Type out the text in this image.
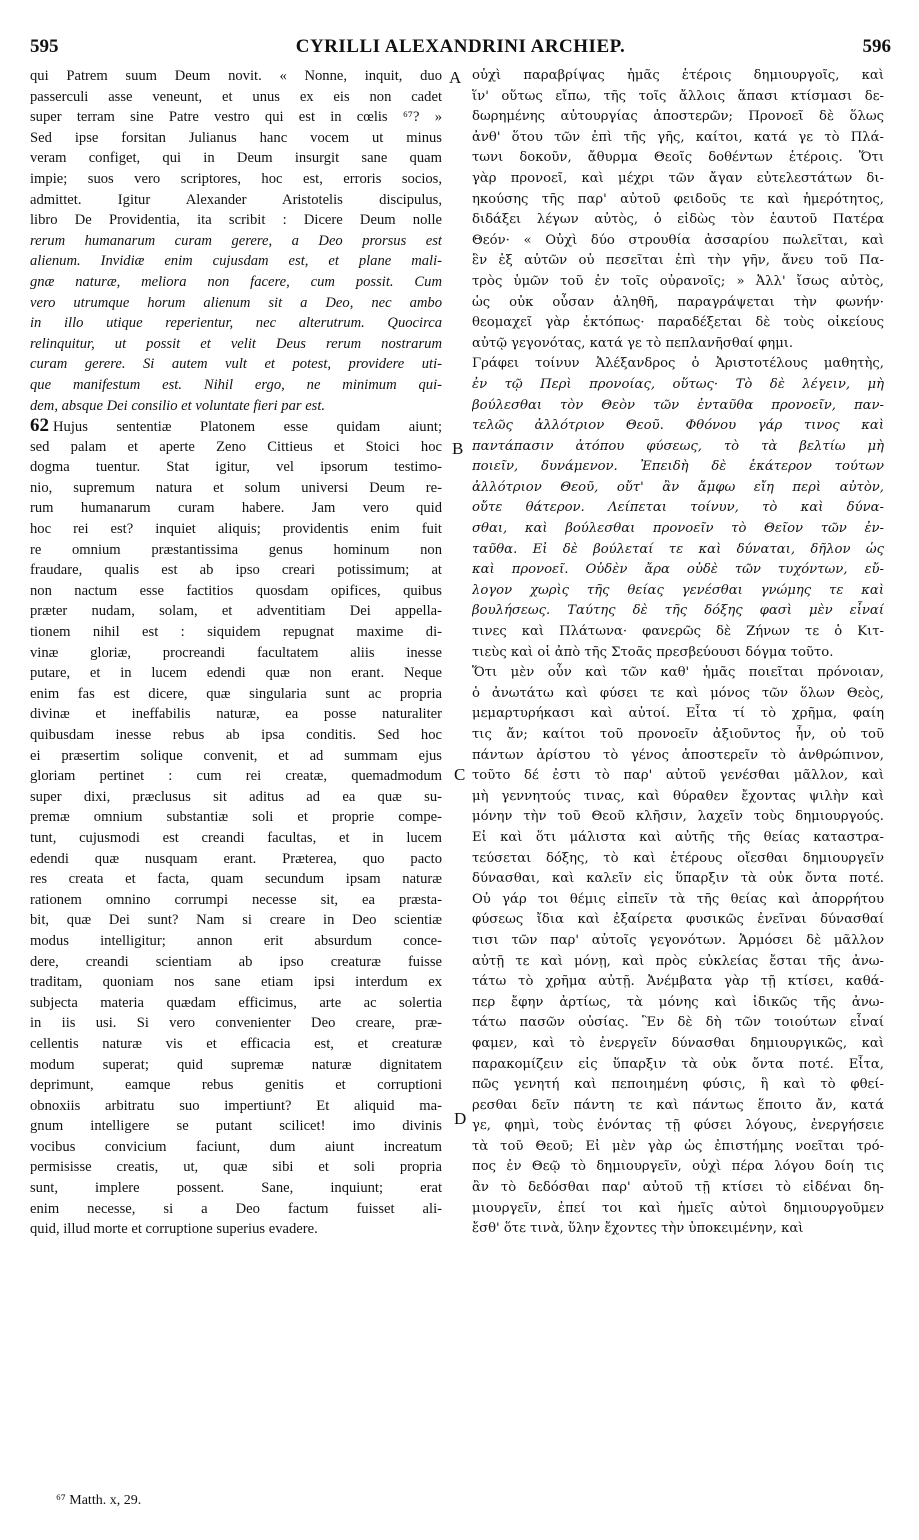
595	CYRILLI ALEXANDRINI ARCHIEP.	596
qui Patrem suum Deum novit. « Nonne, inquit, duo
passerculi asse veneunt, et unus ex eis non cadet
super terram sine Patre vestro qui est in cœlis ⁶⁷? »
Sed ipse forsitan Julianus hanc vocem ut minus
veram configet, qui in Deum insurgit sane quam
impie; suos vero scriptores, hoc est, erroris socios,
admittet. Igitur Alexander Aristotelis discipulus,
libro De Providentia, ita scribit : Dicere Deum nolle
rerum humanarum curam gerere, a Deo prorsus est
alienum. Invidiæ enim cujusdam est, et plane mali-
gnæ naturæ, meliora non facere, cum possit. Cum
vero utrumque horum alienum sit a Deo, nec ambo
in illo utique reperientur, nec alterutrum. Quocirca
relinquitur, ut possit et velit Deus rerum nostrarum
curam gerere. Si autem vult et potest, providere uti-
que manifestum est. Nihil ergo, ne minimum qui-
dem, absque Dei consilio et voluntate fieri par est.
62 Hujus sententiæ Platonem esse quidam aiunt;
sed palam et aperte Zeno Cittieus et Stoici hoc
dogma tuentur. Stat igitur, vel ipsorum testimo-
nio, supremum natura et solum universi Deum re-
rum humanarum curam habere. Jam vero quid
hoc rei est? inquiet aliquis; providentis enim fuit
re omnium præstantissima genus hominum non
fraudare, qualis est ab ipso creari potissimum; at
non nactum esse factitios quosdam opifices, quibus
præter nudam, solam, et adventitiam Dei appella-
tionem nihil est : siquidem repugnat maxime di-
vinæ gloriæ, procreandi facultatem aliis inesse
putare, et in lucem edendi quæ non erant. Neque
enim fas est dicere, quæ singularia sunt ac propria
divinæ et ineffabilis naturæ, ea posse naturaliter
quibusdam inesse rebus ab ipsa conditis. Sed hoc
ei præsertim solique convenit, et ad summam ejus
gloriam pertinet : cum rei creatæ, quemadmodum
super dixi, præclusus sit aditus ad ea quæ su-
premæ omnium substantiæ soli et proprie compe-
tunt, cujusmodi est creandi facultas, et in lucem
edendi quæ nusquam erant. Præterea, quo pacto
res creata et facta, quam secundum ipsam naturæ
rationem omnino corrumpi necesse sit, ea præsta-
bit, quæ Dei sunt? Nam si creare in Deo scientiæ
modus intelligitur; annon erit absurdum conce-
dere, creandi scientiam ab ipso creaturæ fuisse
traditam, quoniam nos sane etiam ipsi interdum ex
subjecta materia quædam efficimus, arte ac solertia
in iis usi. Si vero convenienter Deo creare, præ-
cellentis naturæ vis et efficacia est, et creaturæ
modum superat; quid supremæ naturæ dignitatem
deprimunt, eamque rebus genitis et corruptioni
obnoxiis arbitratu suo impertiunt? Et aliquid ma-
gnum intelligere se putant scilicet! imo divinis
vocibus convicium faciunt, dum aiunt increatum
permisisse creatis, ut, quæ sibi et soli propria
sunt, implere possent. Sane, inquiunt; erat
enim necesse, si a Deo factum fuisset ali-
quid, illud morte et corruptione superius evadere.
οὐχὶ παραβρίψας ἡμᾶς ἑτέροις δημιουργοῖς, καὶ
ἵν' οὕτως εἴπω, τῆς τοῖς ἄλλοις ἅπασι κτίσμασι δε-
δωρημένης αὐτουργίας ἀποστερῶν; Προνοεῖ δὲ ὅλως
ἀνθ' ὅτου τῶν ἐπὶ τῆς γῆς, καίτοι, κατά γε τὸ Πλά-
τωνι δοκοῦν, ἄθυρμα Θεοῖς δοθέντων ἑτέροις. Ὅτι
γὰρ προνοεῖ, καὶ μέχρι τῶν ἄγαν εὐτελεστάτων δι-
ηκούσης τῆς παρ' αὐτοῦ φειδοῦς τε καὶ ἡμερότητος,
διδάξει λέγων αὐτὸς, ὁ εἰδὼς τὸν ἑαυτοῦ Πατέρα
Θεόν· « Οὐχὶ δύο στρουθία ἀσσαρίου πωλεῖται, καὶ
ἓν ἐξ αὐτῶν οὐ πεσεῖται ἐπὶ τὴν γῆν, ἄνευ τοῦ Πα-
τρὸς ὑμῶν τοῦ ἐν τοῖς οὐρανοῖς; » Ἀλλ' ἴσως αὐτὸς,
ὡς οὐκ οὖσαν ἀληθῆ, παραγράψεται τὴν φωνήν·
θεομαχεῖ γὰρ ἐκτόπως· παραδέξεται δὲ τοὺς οἰκείους
αὐτῷ γεγονότας, κατά γε τὸ πεπλανῆσθαί φημι.
Γράφει τοίνυν Ἀλέξανδρος ὁ Ἀριστοτέλους μαθητὴς,
ἐν τῷ Περὶ προνοίας, οὕτως· Τὸ δὲ λέγειν, μὴ
βούλεσθαι τὸν Θεὸν τῶν ἐνταῦθα προνοεῖν, παν-
τελῶς ἀλλότριον Θεοῦ. Φθόνου γάρ τινος καὶ
παντάπασιν ἀτόπου φύσεως, τὸ τὰ βελτίω μὴ
ποιεῖν, δυνάμενον. Ἐπειδὴ δὲ ἑκάτερον τούτων
ἀλλότριον Θεοῦ, οὔτ' ἂν ἄμφω εἴη περὶ αὐτὸν,
οὔτε θάτερον. Λείπεται τοίνυν, τὸ καὶ δύνα-
σθαι, καὶ βούλεσθαι προνοεῖν τὸ Θεῖον τῶν ἐν-
ταῦθα. Εἰ δὲ βούλεταί τε καὶ δύναται, δῆλον ὡς
καὶ προνοεῖ. Οὐδὲν ἄρα οὐδὲ τῶν τυχόντων, εὔ-
λογον χωρὶς τῆς θείας γενέσθαι γνώμης τε καὶ
βουλήσεως. Ταύτης δὲ τῆς δόξης φασὶ μὲν εἶναί
τινες καὶ Πλάτωνα· φανερῶς δὲ Ζήνων τε ὁ Κιτ-
τιεὺς καὶ οἱ ἀπὸ τῆς Στοᾶς πρεσβεύουσι δόγμα τοῦτο.
Ὅτι μὲν οὖν καὶ τῶν καθ' ἡμᾶς ποιεῖται πρόνοιαν,
ὁ ἀνωτάτω καὶ φύσει τε καὶ μόνος τῶν ὅλων Θεὸς,
μεμαρτυρήκασι καὶ αὐτοί. Εἶτα τί τὸ χρῆμα, φαίη
τις ἄν; καίτοι τοῦ προνοεῖν ἀξιοῦντος ἦν, οὐ τοῦ
πάντων ἀρίστου τὸ γένος ἀποστερεῖν τὸ ἀνθρώπινον,
τοῦτο δέ ἐστι τὸ παρ' αὐτοῦ γενέσθαι μᾶλλον, καὶ
μὴ γεννητούς τινας, καὶ θύραθεν ἔχοντας ψιλὴν καὶ
μόνην τὴν τοῦ Θεοῦ κλῆσιν, λαχεῖν τοὺς δημιουργούς.
Εἰ καὶ ὅτι μάλιστα καὶ αὐτῆς τῆς θείας καταστρα-
τεύσεται δόξης, τὸ καὶ ἑτέρους οἴεσθαι δημιουργεῖν
δύνασθαι, καὶ καλεῖν εἰς ὕπαρξιν τὰ οὐκ ὄντα ποτέ.
Οὐ γάρ τοι θέμις εἰπεῖν τὰ τῆς θείας καὶ ἀπορρήτου
φύσεως ἴδια καὶ ἐξαίρετα φυσικῶς ἐνεῖναι δύνασθαί
τισι τῶν παρ' αὐτοῖς γεγονότων. Ἁρμόσει δὲ μᾶλλον
αὐτῇ τε καὶ μόνῃ, καὶ πρὸς εὐκλείας ἔσται τῆς ἀνω-
τάτω τὸ χρῆμα αὐτῇ. Ἀνέμβατα γὰρ τῇ κτίσει, καθά-
περ ἔφην ἀρτίως, τὰ μόνης καὶ ἰδικῶς τῆς ἀνω-
τάτω πασῶν οὐσίας. Ἓν δὲ δὴ τῶν τοιούτων εἶναί
φαμεν, καὶ τὸ ἐνεργεῖν δύνασθαι δημιουργικῶς, καὶ
παρακομίζειν εἰς ὕπαρξιν τὰ οὐκ ὄντα ποτέ. Εἶτα,
πῶς γενητή καὶ πεποιημένη φύσις, ἣ καὶ τὸ φθεί-
ρεσθαι δεῖν πάντη τε καὶ πάντως ἕποιτο ἄν, κατά
γε, φημὶ, τοὺς ἐνόντας τῇ φύσει λόγους, ἐνεργήσειε
τὰ τοῦ Θεοῦ; Εἰ μὲν γὰρ ὡς ἐπιστήμης νοεῖται τρό-
πος ἐν Θεῷ τὸ δημιουργεῖν, οὐχὶ πέρα λόγου δοίη τις
ἂν τὸ δεδόσθαι παρ' αὐτοῦ τῇ κτίσει τὸ εἰδέναι δη-
μιουργεῖν, ἐπεί τοι καὶ ἡμεῖς αὐτοὶ δημιουργοῦμεν
ἔσθ' ὅτε τινὰ, ὕλην ἔχοντες τὴν ὑποκειμένην, καὶ
A
B
C
D
⁶⁷ Matth. x, 29.
